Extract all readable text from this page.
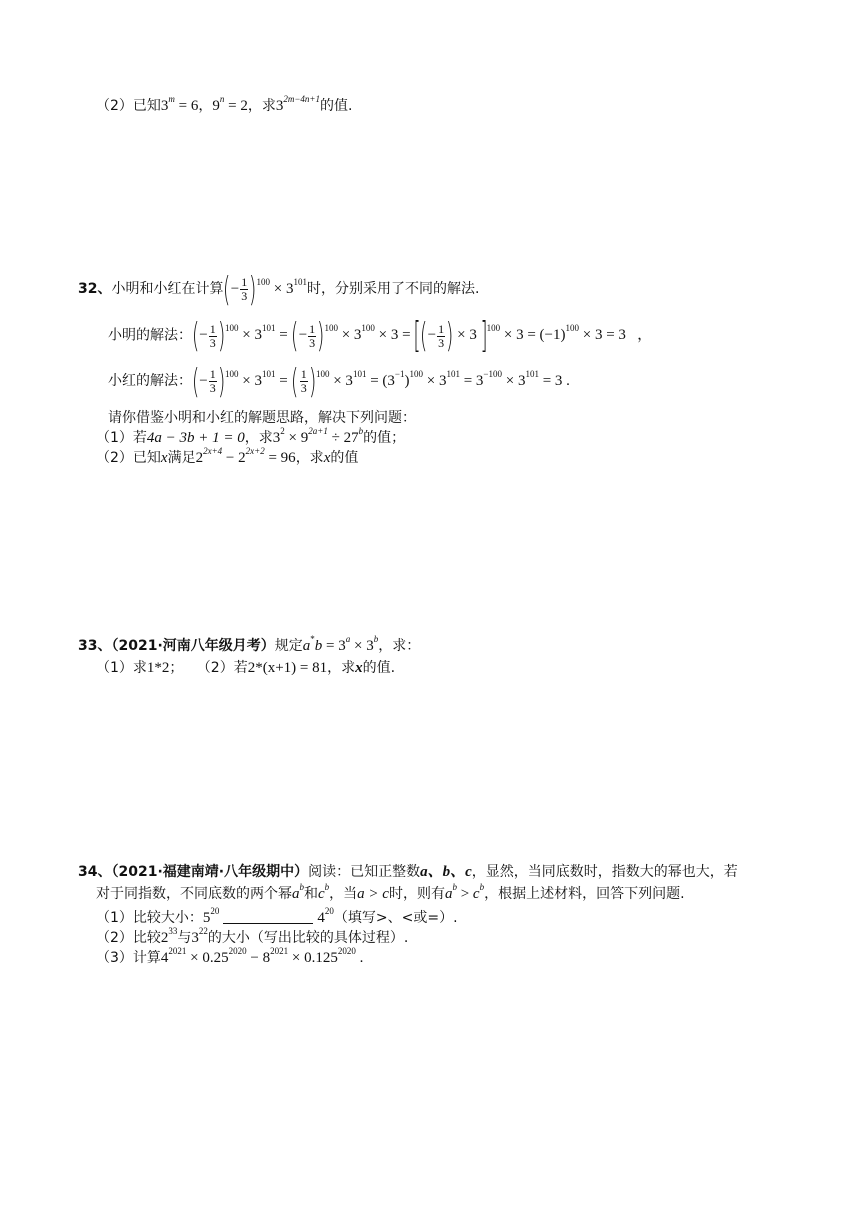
（2）已知$3^m = 6$，$9^n = 2$，求$3^{2m-4n+1}$的值.
32、小明和小红在计算(− $\frac{1}{3} )^{100} \times 3^{101}$时，分别采用了不同的解法.
小明的解法：(− $\frac{1}{3} )^{100} \times 3^{101}$ = (− $\frac{1}{3} )^{100} \times 3^{100} \times 3$ = [(− $\frac{1}{3}$ ) × 3 ]$^{100} \times 3 = (-1)^{100} \times 3 = 3$   ，
小红的解法：(− $\frac{1}{3} )^{100} \times 3^{101}$ = ( $\frac{1}{3} )^{100} \times 3^{101} = (3^{-1})^{100} \times 3^{101} = 3^{-100} \times 3^{101} = 3$ .
请你借鉴小明和小红的解题思路，解决下列问题：
（1）若4a − 3b + 1 = 0，求$3^2 \times 9^{2a+1} \div 27^b$的值；
（2）已知x满足$2^{2x+4} - 2^{2x+2} = 96$，求x的值
33、（2021·河南八年级月考）规定$a^*b = 3^a \times 3^b$，求：
（1）求1*2； （2）若2*(x+1) = 81，求x的值.
34、（2021·福建南靖·八年级期中）阅读：已知正整数a、b、c，显然，当同底数时，指数大的幂也大，若
对于同指数，不同底数的两个幂$a^b$和$c^b$，当a > c时，则有$a^b > c^b$，根据上述材料，回答下列问题.
（1）比较大小：$5^{20}$	$4^{20}$（填写>、<或=）.
（2）比较$2^{33}$与$3^{22}$的大小（写出比较的具体过程）.
（3）计算$4^{2021} \times 0.25^{2020} - 8^{2021} \times 0.125^{2020}$ .
